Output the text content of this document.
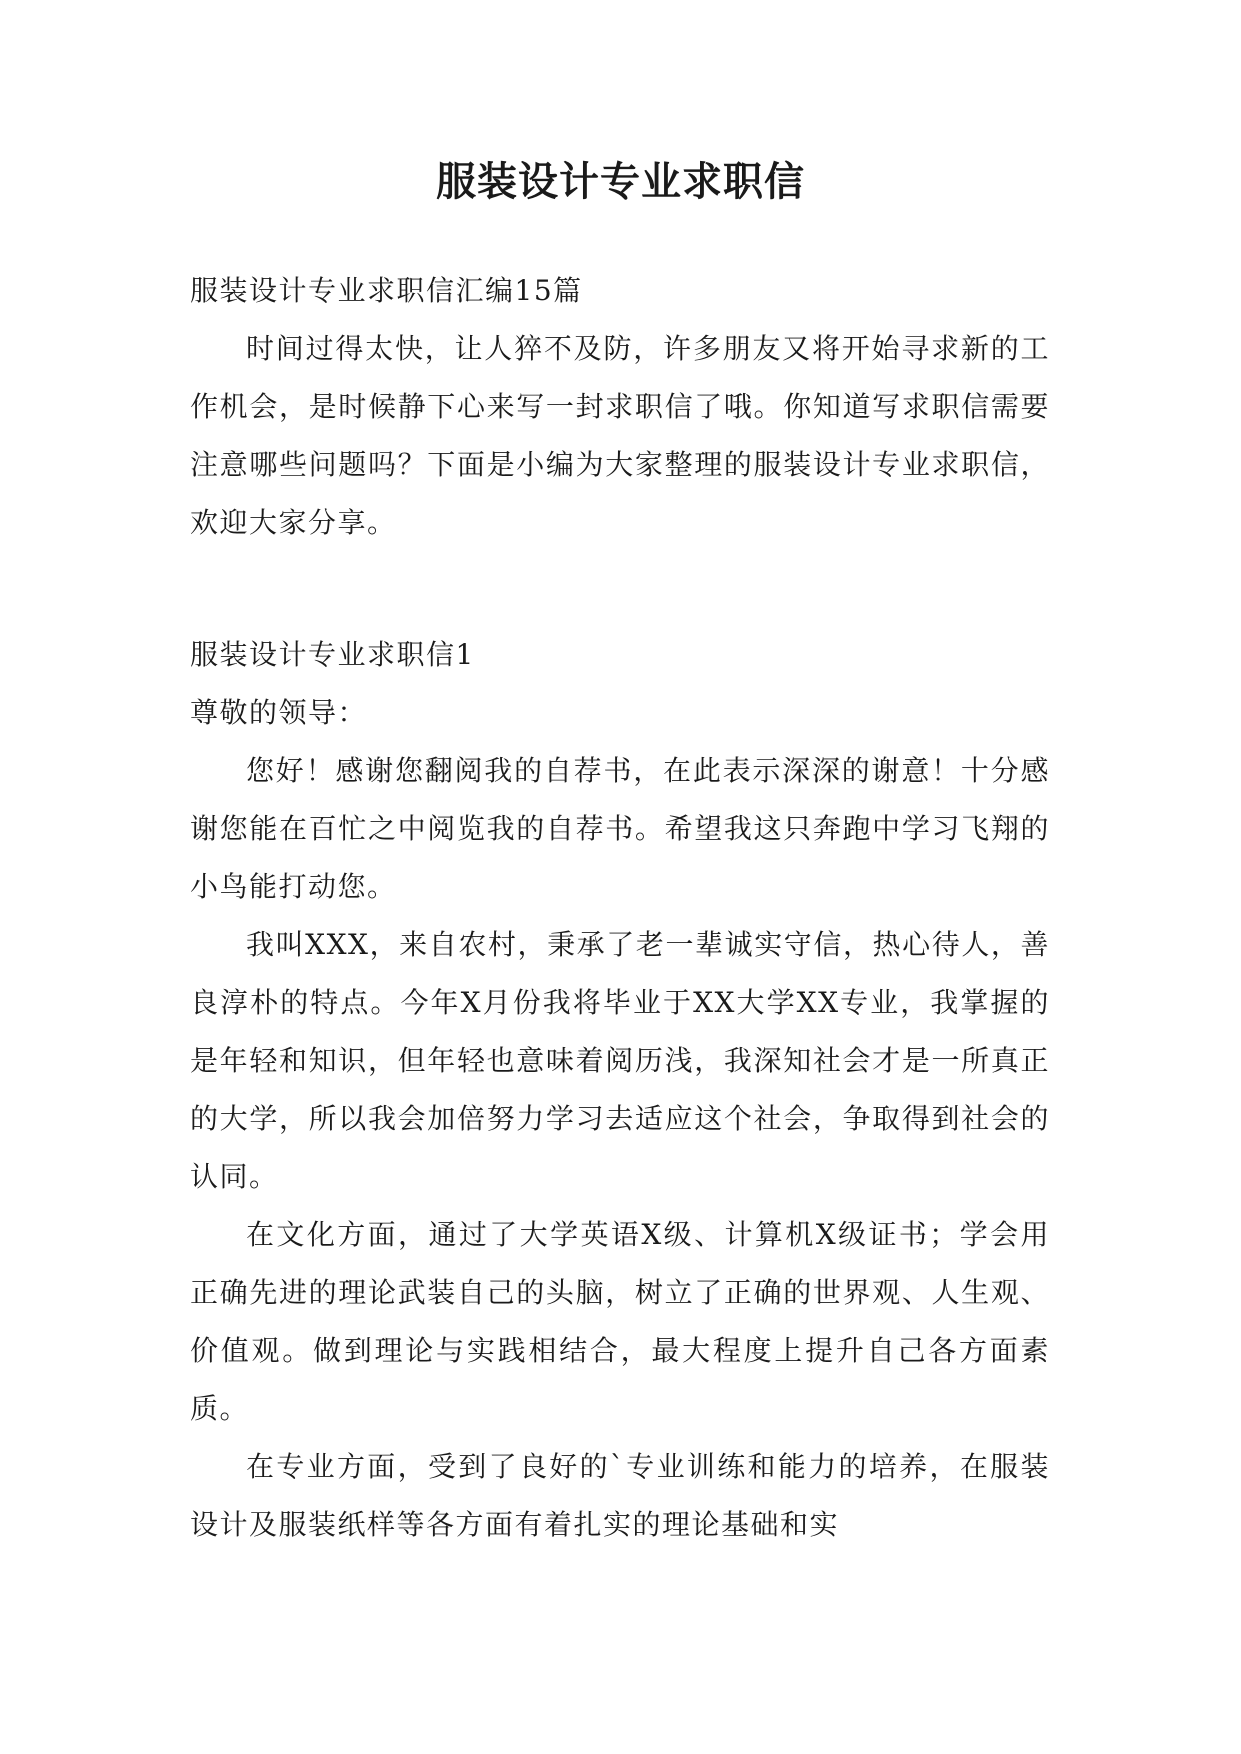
服装设计专业求职信

服装设计专业求职信汇编15篇

时间过得太快，让人猝不及防，许多朋友又将开始寻求新的工作机会，是时候静下心来写一封求职信了哦。你知道写求职信需要注意哪些问题吗？下面是小编为大家整理的服装设计专业求职信，欢迎大家分享。

服装设计专业求职信1

尊敬的领导：

您好！感谢您翻阅我的自荐书，在此表示深深的谢意！十分感谢您能在百忙之中阅览我的自荐书。希望我这只奔跑中学习飞翔的小鸟能打动您。

我叫XXX，来自农村，秉承了老一辈诚实守信，热心待人，善良淳朴的特点。今年X月份我将毕业于XX大学XX专业，我掌握的是年轻和知识，但年轻也意味着阅历浅，我深知社会才是一所真正的大学，所以我会加倍努力学习去适应这个社会，争取得到社会的认同。

在文化方面，通过了大学英语X级、计算机X级证书；学会用正确先进的理论武装自己的头脑，树立了正确的世界观、人生观、价值观。做到理论与实践相结合，最大程度上提升自己各方面素质。

在专业方面，受到了良好的`专业训练和能力的培养，在服装设计及服装纸样等各方面有着扎实的理论基础和实
